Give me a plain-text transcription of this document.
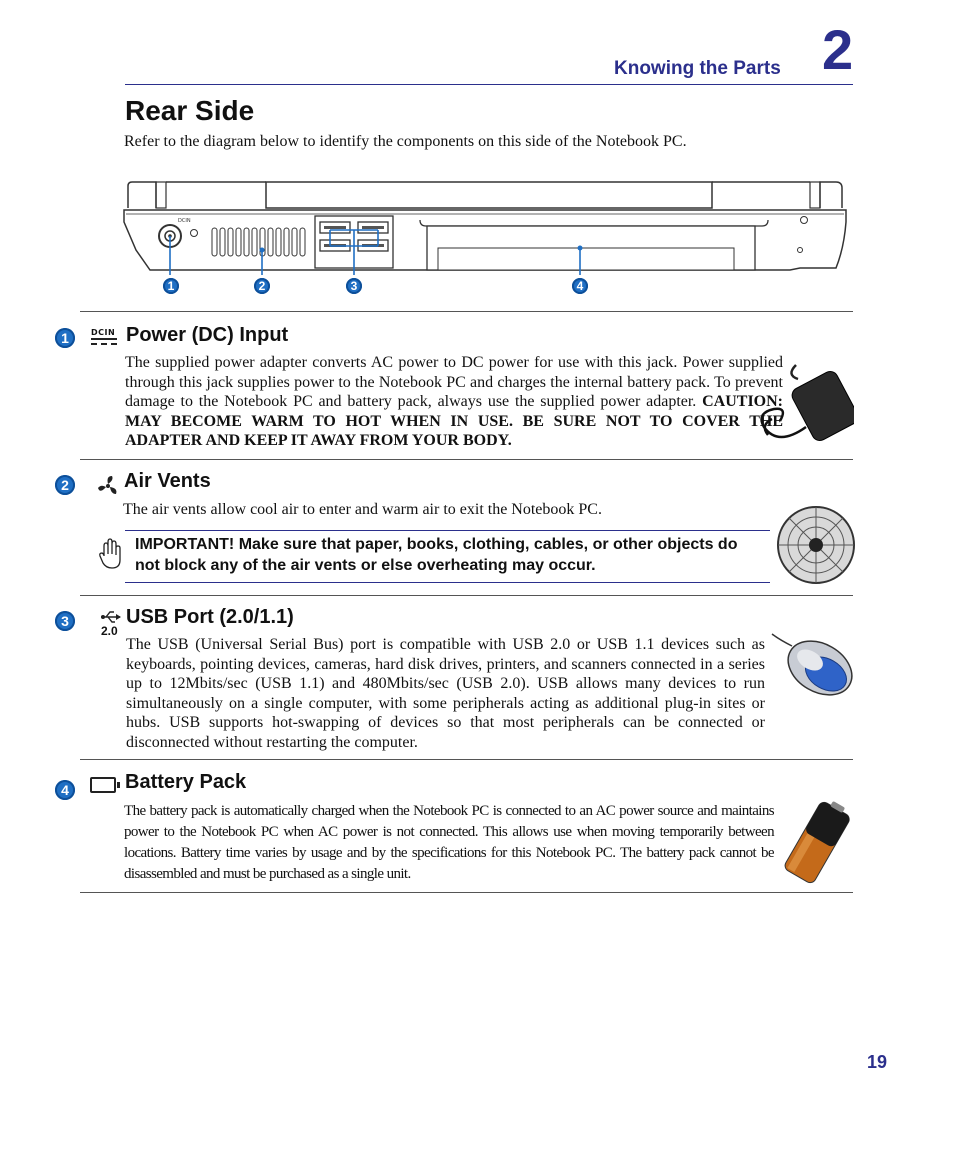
Knowing the Parts 2
Rear Side
Refer to the diagram below to identify the components on this side of the Notebook PC.
DCIN
1	2	3	4
1	DCIN Power (DC) Input
The supplied power adapter converts AC power to DC power for use with this jack. Power supplied through this jack supplies power to the Notebook PC and charges the internal battery pack. To prevent damage to the Notebook PC and battery pack, always use the supplied power adapter. CAUTION: MAY BECOME WARM TO HOT WHEN IN USE. BE SURE NOT TO COVER THE ADAPTER AND KEEP IT AWAY FROM YOUR BODY.
2	Air Vents
The air vents allow cool air to enter and warm air to exit the Notebook PC.
IMPORTANT! Make sure that paper, books, clothing, cables, or other objects do not block any of the air vents or else overheating may occur.
3
2.0
USB Port (2.0/1.1)
The USB (Universal Serial Bus) port is compatible with USB 2.0 or USB 1.1 devices such as keyboards, pointing devices, cameras, hard disk drives, printers, and scanners connected in a series up to 12Mbits/sec (USB 1.1) and 480Mbits/sec (USB 2.0). USB allows many devices to run simultaneously on a single computer, with some peripherals acting as additional plug-in sites or hubs. USB supports hot-swapping of devices so that most peripherals can be connected or disconnected without restarting the computer.
4	Battery Pack
The battery pack is automatically charged when the Notebook PC is connected to an AC power source and maintains power to the Notebook PC when AC power is not connected. This allows use when moving temporarily between locations. Battery time varies by usage and by the specifications for this Notebook PC. The battery pack cannot be disassembled and must be purchased as a single unit.
19
